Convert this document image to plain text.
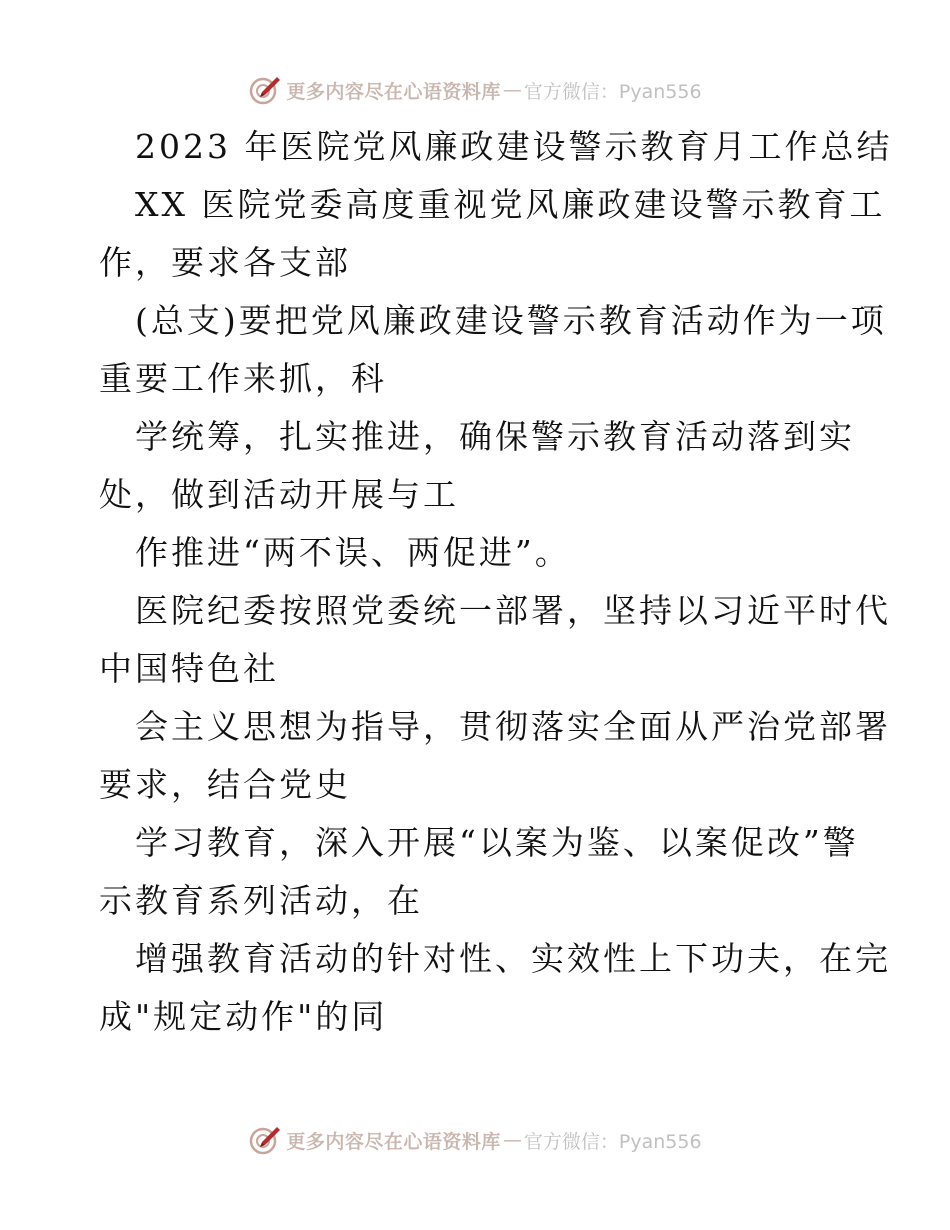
更多内容尽在心语资料库 — 官方微信：Pyan556
2023 年医院党风廉政建设警示教育月工作总结
XX 医院党委高度重视党风廉政建设警示教育工
作，要求各支部
(总支)要把党风廉政建设警示教育活动作为一项
重要工作来抓，科
学统筹，扎实推进，确保警示教育活动落到实
处，做到活动开展与工
作推进“两不误、两促进”。
医院纪委按照党委统一部署，坚持以习近平时代
中国特色社
会主义思想为指导，贯彻落实全面从严治党部署
要求，结合党史
学习教育，深入开展“以案为鉴、以案促改”警
示教育系列活动，在
增强教育活动的针对性、实效性上下功夫，在完
成"规定动作"的同
更多内容尽在心语资料库 — 官方微信：Pyan556
